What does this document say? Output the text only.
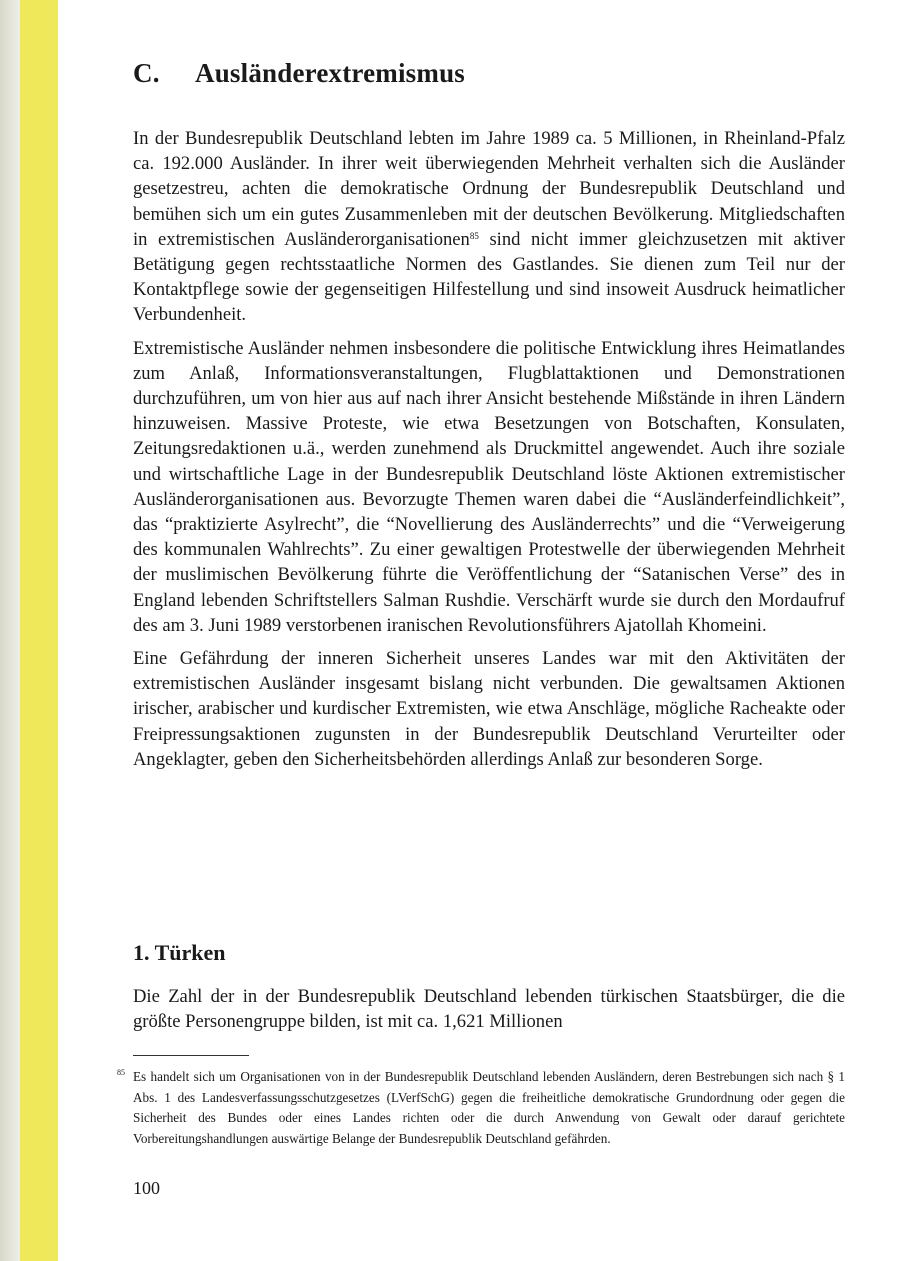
C. Ausländerextremismus

In der Bundesrepublik Deutschland lebten im Jahre 1989 ca. 5 Millionen, in Rheinland-Pfalz ca. 192.000 Ausländer. In ihrer weit überwiegenden Mehrheit verhalten sich die Ausländer gesetzestreu, achten die demokratische Ordnung der Bundesrepublik Deutschland und bemühen sich um ein gutes Zusammenleben mit der deutschen Bevölkerung. Mitgliedschaften in extremistischen Ausländerorganisationen$^{85}$ sind nicht immer gleichzusetzen mit aktiver Betätigung gegen rechtsstaatliche Normen des Gastlandes. Sie dienen zum Teil nur der Kontaktpflege sowie der gegenseitigen Hilfestellung und sind insoweit Ausdruck heimatlicher Verbundenheit.

Extremistische Ausländer nehmen insbesondere die politische Entwicklung ihres Heimatlandes zum Anlaß, Informationsveranstaltungen, Flugblattaktionen und Demonstrationen durchzuführen, um von hier aus auf nach ihrer Ansicht bestehende Mißstände in ihren Ländern hinzuweisen. Massive Proteste, wie etwa Besetzungen von Botschaften, Konsulaten, Zeitungsredaktionen u.ä., werden zunehmend als Druckmittel angewendet. Auch ihre soziale und wirtschaftliche Lage in der Bundesrepublik Deutschland löste Aktionen extremistischer Ausländerorganisationen aus. Bevorzugte Themen waren dabei die “Ausländerfeindlichkeit”, das “praktizierte Asylrecht”, die “Novellierung des Ausländerrechts” und die “Verweigerung des kommunalen Wahlrechts”. Zu einer gewaltigen Protestwelle der überwiegenden Mehrheit der muslimischen Bevölkerung führte die Veröffentlichung der “Satanischen Verse” des in England lebenden Schriftstellers Salman Rushdie. Verschärft wurde sie durch den Mordaufruf des am 3. Juni 1989 verstorbenen iranischen Revolutionsführers Ajatollah Khomeini.

Eine Gefährdung der inneren Sicherheit unseres Landes war mit den Aktivitäten der extremistischen Ausländer insgesamt bislang nicht verbunden. Die gewaltsamen Aktionen irischer, arabischer und kurdischer Extremisten, wie etwa Anschläge, mögliche Racheakte oder Freipressungsaktionen zugunsten in der Bundesrepublik Deutschland Verurteilter oder Angeklagter, geben den Sicherheitsbehörden allerdings Anlaß zur besonderen Sorge.

1. Türken

Die Zahl der in der Bundesrepublik Deutschland lebenden türkischen Staatsbürger, die die größte Personengruppe bilden, ist mit ca. 1,621 Millionen

85 Es handelt sich um Organisationen von in der Bundesrepublik Deutschland lebenden Ausländern, deren Bestrebungen sich nach § 1 Abs. 1 des Landesverfassungsschutzgesetzes (LVerfSchG) gegen die freiheitliche demokratische Grundordnung oder gegen die Sicherheit des Bundes oder eines Landes richten oder die durch Anwendung von Gewalt oder darauf gerichtete Vorbereitungshandlungen auswärtige Belange der Bundesrepublik Deutschland gefährden.

100
